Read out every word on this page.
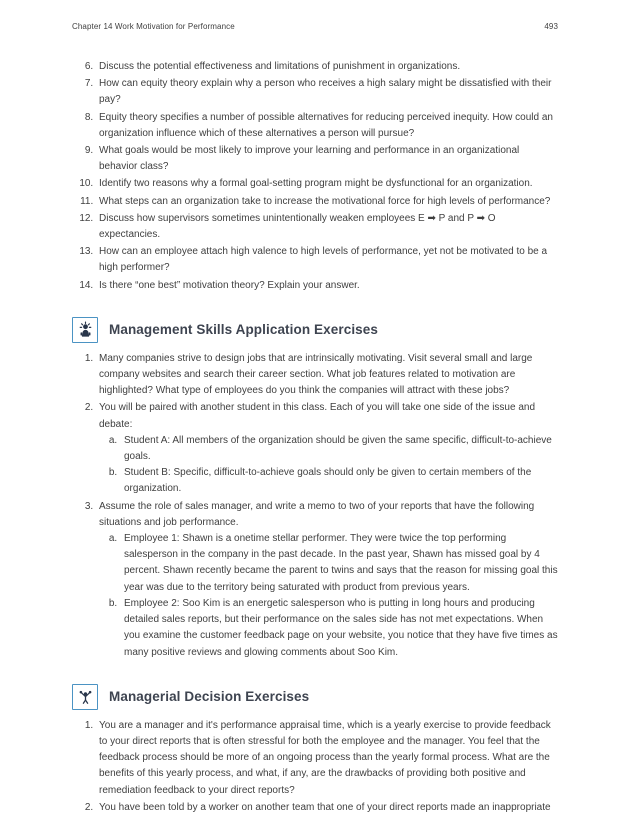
Chapter 14 Work Motivation for Performance	493
6. Discuss the potential effectiveness and limitations of punishment in organizations.
7. How can equity theory explain why a person who receives a high salary might be dissatisfied with their pay?
8. Equity theory specifies a number of possible alternatives for reducing perceived inequity. How could an organization influence which of these alternatives a person will pursue?
9. What goals would be most likely to improve your learning and performance in an organizational behavior class?
10. Identify two reasons why a formal goal-setting program might be dysfunctional for an organization.
11. What steps can an organization take to increase the motivational force for high levels of performance?
12. Discuss how supervisors sometimes unintentionally weaken employees E ➡ P and P ➡ O expectancies.
13. How can an employee attach high valence to high levels of performance, yet not be motivated to be a high performer?
14. Is there “one best” motivation theory? Explain your answer.
Management Skills Application Exercises
1. Many companies strive to design jobs that are intrinsically motivating. Visit several small and large company websites and search their career section. What job features related to motivation are highlighted? What type of employees do you think the companies will attract with these jobs?
2. You will be paired with another student in this class. Each of you will take one side of the issue and debate:
a. Student A: All members of the organization should be given the same specific, difficult-to-achieve goals.
b. Student B: Specific, difficult-to-achieve goals should only be given to certain members of the organization.
3. Assume the role of sales manager, and write a memo to two of your reports that have the following situations and job performance.
a. Employee 1: Shawn is a onetime stellar performer. They were twice the top performing salesperson in the company in the past decade. In the past year, Shawn has missed goal by 4 percent. Shawn recently became the parent to twins and says that the reason for missing goal this year was due to the territory being saturated with product from previous years.
b. Employee 2: Soo Kim is an energetic salesperson who is putting in long hours and producing detailed sales reports, but their performance on the sales side has not met expectations. When you examine the customer feedback page on your website, you notice that they have five times as many positive reviews and glowing comments about Soo Kim.
Managerial Decision Exercises
1. You are a manager and it's performance appraisal time, which is a yearly exercise to provide feedback to your direct reports that is often stressful for both the employee and the manager. You feel that the feedback process should be more of an ongoing process than the yearly formal process. What are the benefits of this yearly process, and what, if any, are the drawbacks of providing both positive and remediation feedback to your direct reports?
2. You have been told by a worker on another team that one of your direct reports made an inappropriate
